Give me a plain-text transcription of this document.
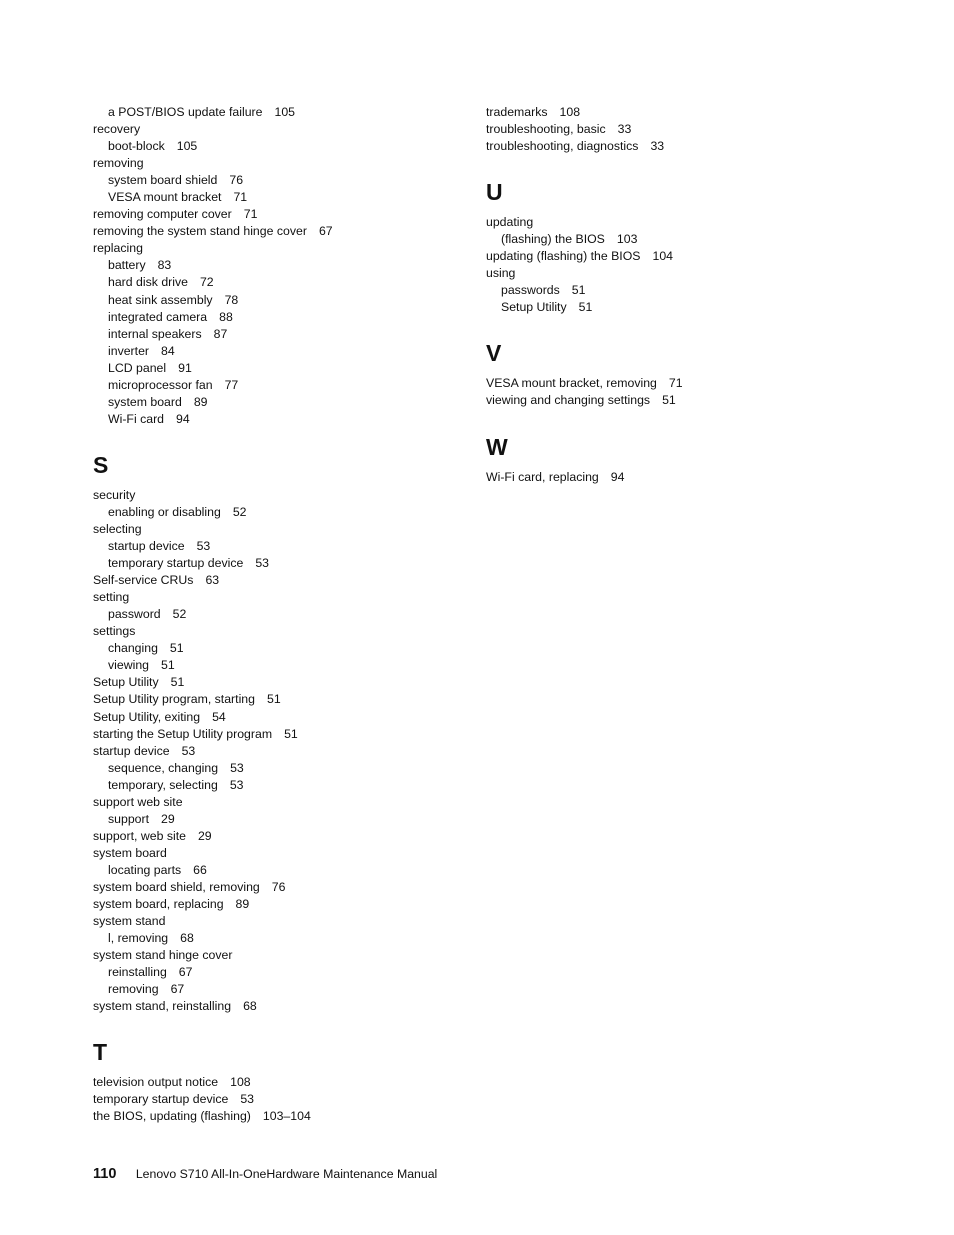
a POST/BIOS update failure 105
recovery
boot-block 105
removing
system board shield 76
VESA mount bracket 71
removing computer cover 71
removing the system stand hinge cover 67
replacing
battery 83
hard disk drive 72
heat sink assembly 78
integrated camera 88
internal speakers 87
inverter 84
LCD panel 91
microprocessor fan 77
system board 89
Wi-Fi card 94
S
security
enabling or disabling 52
selecting
startup device 53
temporary startup device 53
Self-service CRUs 63
setting
password 52
settings
changing 51
viewing 51
Setup Utility 51
Setup Utility program, starting 51
Setup Utility, exiting 54
starting the Setup Utility program 51
startup device 53
sequence, changing 53
temporary, selecting 53
support web site
support 29
support, web site 29
system board
locating parts 66
system board shield, removing 76
system board, replacing 89
system stand
l, removing 68
system stand hinge cover
reinstalling 67
removing 67
system stand, reinstalling 68
T
television output notice 108
temporary startup device 53
the BIOS, updating (flashing) 103–104
trademarks 108
troubleshooting, basic 33
troubleshooting, diagnostics 33
U
updating
(flashing) the BIOS 103
updating (flashing) the BIOS 104
using
passwords 51
Setup Utility 51
V
VESA mount bracket, removing 71
viewing and changing settings 51
W
Wi-Fi card, replacing 94
110 Lenovo S710 All-In-OneHardware Maintenance Manual
